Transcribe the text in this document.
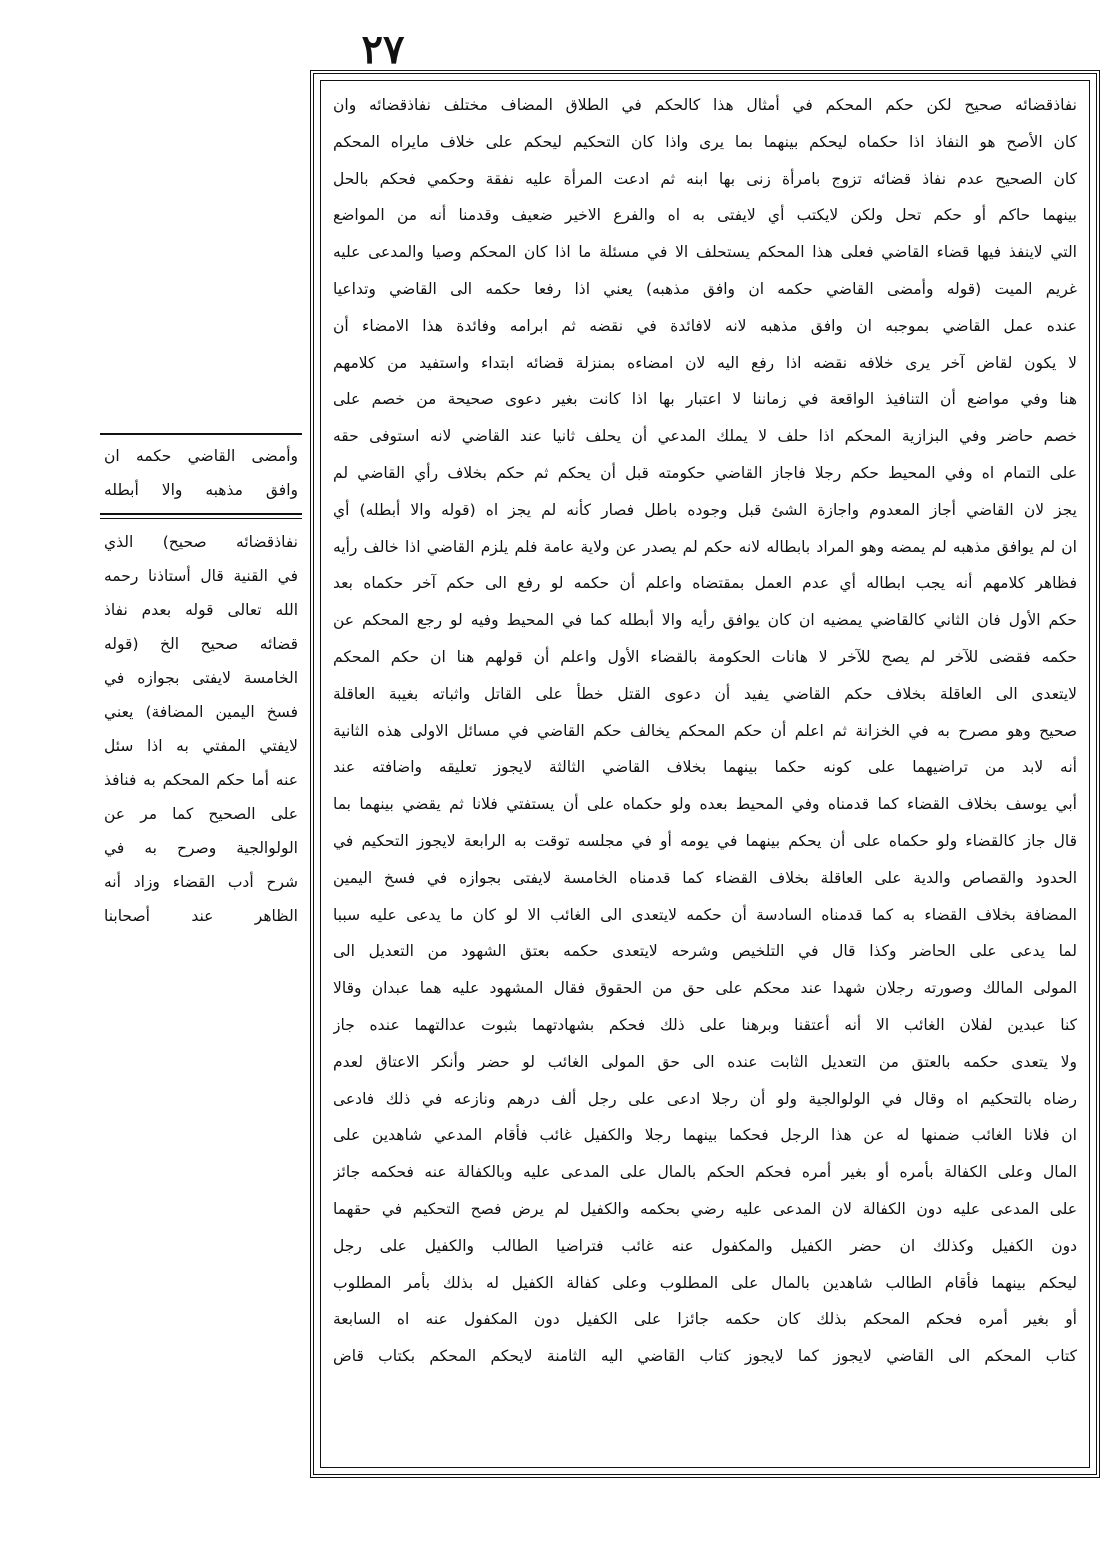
٢٧
نفاذقضائه صحيح لكن حكم المحكم في أمثال هذا كالحكم في الطلاق المضاف مختلف نفاذقضائه وان
كان الأصح هو النفاذ اذا حكماه ليحكم بينهما بما يرى واذا كان التحكيم ليحكم على خلاف مايراه المحكم
كان الصحيح عدم نفاذ قضائه تزوج بامرأة زنى بها ابنه ثم ادعت المرأة عليه نفقة وحكمي فحكم بالحل
بينهما حاكم أو حكم تحل ولكن لايكتب أي لايفتى به اه والفرع الاخير ضعيف وقدمنا أنه من المواضع
التي لاينفذ فيها قضاء القاضي فعلى هذا المحكم يستحلف الا في مسئلة ما اذا كان المحكم وصيا والمدعى عليه
غريم الميت (قوله وأمضى القاضي حكمه ان وافق مذهبه) يعني اذا رفعا حكمه الى القاضي وتداعيا
عنده عمل القاضي بموجبه ان وافق مذهبه لانه لافائدة في نقضه ثم ابرامه وفائدة هذا الامضاء أن
لا يكون لقاض آخر يرى خلافه نقضه اذا رفع اليه لان امضاءه بمنزلة قضائه ابتداء واستفيد من كلامهم
هنا وفي مواضع أن التنافيذ الواقعة في زماننا لا اعتبار بها اذا كانت بغير دعوى صحيحة من خصم على
خصم حاضر وفي البزازية المحكم اذا حلف لا يملك المدعي أن يحلف ثانيا عند القاضي لانه استوفى حقه
على التمام اه وفي المحيط حكم رجلا فاجاز القاضي حكومته قبل أن يحكم ثم حكم بخلاف رأي القاضي لم
يجز لان القاضي أجاز المعدوم واجازة الشئ قبل وجوده باطل فصار كأنه لم يجز اه (قوله والا أبطله) أي
ان لم يوافق مذهبه لم يمضه وهو المراد بابطاله لانه حكم لم يصدر عن ولاية عامة فلم يلزم القاضي اذا خالف رأيه
فظاهر كلامهم أنه يجب ابطاله أي عدم العمل بمقتضاه واعلم أن حكمه لو رفع الى حكم آخر حكماه بعد
حكم الأول فان الثاني كالقاضي يمضيه ان كان يوافق رأيه والا أبطله كما في المحيط وفيه لو رجع المحكم عن
حكمه فقضى للآخر لم يصح للآخر لا هانات الحكومة بالقضاء الأول واعلم أن قولهم هنا ان حكم المحكم
لايتعدى الى العاقلة بخلاف حكم القاضي يفيد أن دعوى القتل خطأ على القاتل واثباته بغيبة العاقلة
صحيح وهو مصرح به في الخزانة ثم اعلم أن حكم المحكم يخالف حكم القاضي في مسائل الاولى هذه الثانية
أنه لابد من تراضيهما على كونه حكما بينهما بخلاف القاضي الثالثة لايجوز تعليقه واضافته عند
أبي يوسف بخلاف القضاء كما قدمناه وفي المحيط بعده ولو حكماه على أن يستفتي فلانا ثم يقضي بينهما بما
قال جاز كالقضاء ولو حكماه على أن يحكم بينهما في يومه أو في مجلسه توقت به الرابعة لايجوز التحكيم في
الحدود والقصاص والدية على العاقلة بخلاف القضاء كما قدمناه الخامسة لايفتى بجوازه في فسخ اليمين
المضافة بخلاف القضاء به كما قدمناه السادسة أن حكمه لايتعدى الى الغائب الا لو كان ما يدعى عليه سببا
لما يدعى على الحاضر وكذا قال في التلخيص وشرحه لايتعدى حكمه بعتق الشهود من التعديل الى
المولى المالك وصورته رجلان شهدا عند محكم على حق من الحقوق فقال المشهود عليه هما عبدان وقالا
كنا عبدين لفلان الغائب الا أنه أعتقنا وبرهنا على ذلك فحكم بشهادتهما بثبوت عدالتهما عنده جاز
ولا يتعدى حكمه بالعتق من التعديل الثابت عنده الى حق المولى الغائب لو حضر وأنكر الاعتاق لعدم
رضاه بالتحكيم اه وقال في الولوالجية ولو أن رجلا ادعى على رجل ألف درهم ونازعه في ذلك فادعى
ان فلانا الغائب ضمنها له عن هذا الرجل فحكما بينهما رجلا والكفيل غائب فأقام المدعي شاهدين على
المال وعلى الكفالة بأمره أو بغير أمره فحكم الحكم بالمال على المدعى عليه وبالكفالة عنه فحكمه جائز
على المدعى عليه دون الكفالة لان المدعى عليه رضي بحكمه والكفيل لم يرض فصح التحكيم في حقهما
دون الكفيل وكذلك ان حضر الكفيل والمكفول عنه غائب فتراضيا الطالب والكفيل على رجل
ليحكم بينهما فأقام الطالب شاهدين بالمال على المطلوب وعلى كفالة الكفيل له بذلك بأمر المطلوب
أو بغير أمره فحكم المحكم بذلك كان حكمه جائزا على الكفيل دون المكفول عنه اه السابعة
كتاب المحكم الى القاضي لايجوز كما لايجوز كتاب القاضي اليه الثامنة لايحكم المحكم بكتاب قاض
وأمضى القاضي حكمه ان
وافق مذهبه والا أبطله
نفاذقضائه صحيح) الذي
في القنية قال أستاذنا رحمه
الله تعالى قوله بعدم نفاذ
قضائه صحيح الخ (قوله
الخامسة لايفتى بجوازه في
فسخ اليمين المضافة) يعني
لايفتي المفتي به اذا سئل
عنه أما حكم المحكم به فنافذ
على الصحيح كما مر عن
الولوالجية وصرح به في
شرح أدب القضاء وزاد أنه
الظاهر عند أصحابنا
